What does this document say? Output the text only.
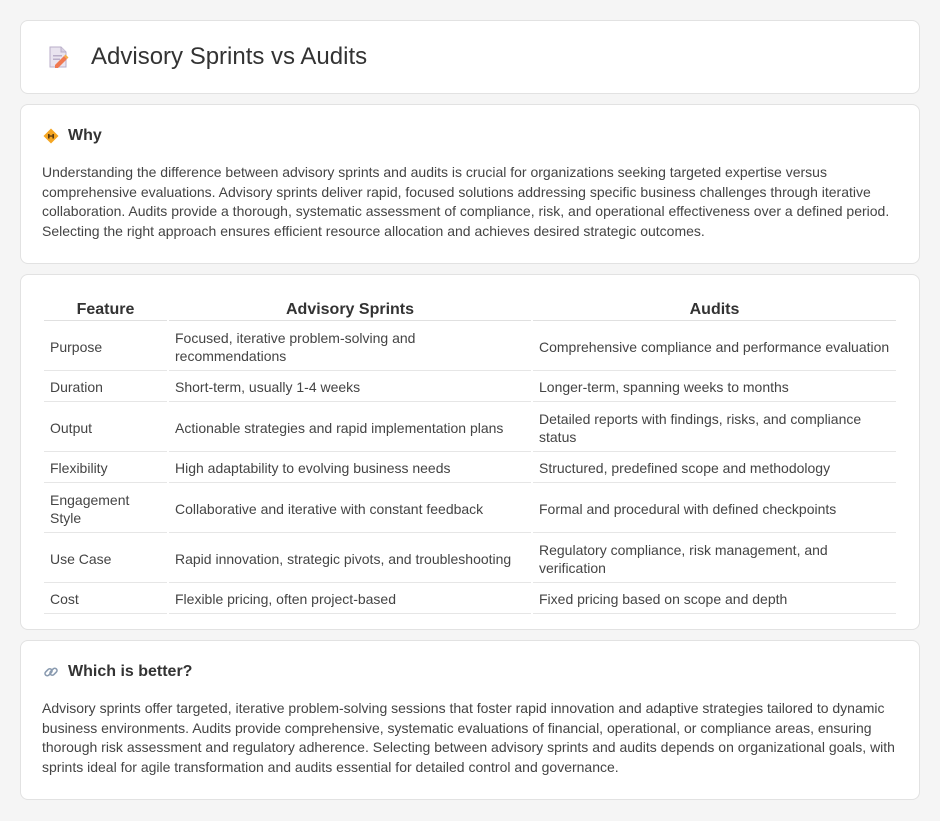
Advisory Sprints vs Audits
Why

Understanding the difference between advisory sprints and audits is crucial for organizations seeking targeted expertise versus comprehensive evaluations. Advisory sprints deliver rapid, focused solutions addressing specific business challenges through iterative collaboration. Audits provide a thorough, systematic assessment of compliance, risk, and operational effectiveness over a defined period. Selecting the right approach ensures efficient resource allocation and achieves desired strategic outcomes.

Feature	Advisory Sprints	Audits
Purpose	Focused, iterative problem-solving and recommendations	Comprehensive compliance and performance evaluation
Duration	Short-term, usually 1-4 weeks	Longer-term, spanning weeks to months
Output	Actionable strategies and rapid implementation plans	Detailed reports with findings, risks, and compliance status
Flexibility	High adaptability to evolving business needs	Structured, predefined scope and methodology
Engagement Style	Collaborative and iterative with constant feedback	Formal and procedural with defined checkpoints
Use Case	Rapid innovation, strategic pivots, and troubleshooting	Regulatory compliance, risk management, and verification
Cost	Flexible pricing, often project-based	Fixed pricing based on scope and depth
Which is better?

Advisory sprints offer targeted, iterative problem-solving sessions that foster rapid innovation and adaptive strategies tailored to dynamic business environments. Audits provide comprehensive, systematic evaluations of financial, operational, or compliance areas, ensuring thorough risk assessment and regulatory adherence. Selecting between advisory sprints and audits depends on organizational goals, with sprints ideal for agile transformation and audits essential for detailed control and governance.
